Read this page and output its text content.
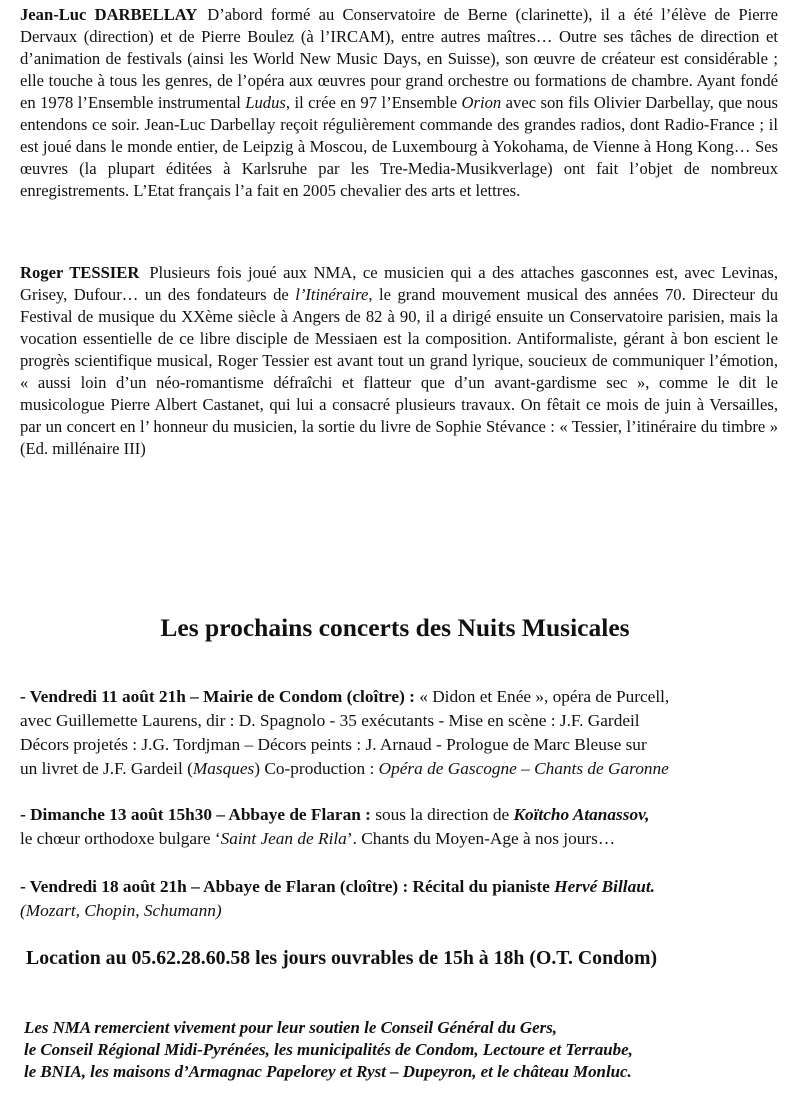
Jean-Luc DARBELLAY D’abord formé au Conservatoire de Berne (clarinette), il a été l’élève de Pierre Dervaux (direction) et de Pierre Boulez (à l’IRCAM), entre autres maîtres… Outre ses tâches de direction et d’animation de festivals (ainsi les World New Music Days, en Suisse), son œuvre de créateur est considérable ; elle touche à tous les genres, de l’opéra aux œuvres pour grand orchestre ou formations de chambre. Ayant fondé en 1978 l’Ensemble instrumental Ludus, il crée en 97 l’Ensemble Orion avec son fils Olivier Darbellay, que nous entendons ce soir. Jean-Luc Darbellay reçoit régulièrement commande des grandes radios, dont Radio-France ; il est joué dans le monde entier, de Leipzig à Moscou, de Luxembourg à Yokohama, de Vienne à Hong Kong… Ses œuvres (la plupart éditées à Karlsruhe par les Tre-Media-Musikverlage) ont fait l’objet de nombreux enregistrements. L’Etat français l’a fait en 2005 chevalier des arts et lettres.
Roger TESSIER Plusieurs fois joué aux NMA, ce musicien qui a des attaches gasconnes est, avec Levinas, Grisey, Dufour… un des fondateurs de l’Itinéraire, le grand mouvement musical des années 70. Directeur du Festival de musique du XXème siècle à Angers de 82 à 90, il a dirigé ensuite un Conservatoire parisien, mais la vocation essentielle de ce libre disciple de Messiaen est la composition. Antiformaliste, gérant à bon escient le progrès scientifique musical, Roger Tessier est avant tout un grand lyrique, soucieux de communiquer l’émotion, « aussi loin d’un néo-romantisme défraîchi et flatteur que d’un avant-gardisme sec », comme le dit le musicologue Pierre Albert Castanet, qui lui a consacré plusieurs travaux. On fêtait ce mois de juin à Versailles, par un concert en l’ honneur du musicien, la sortie du livre de Sophie Stévance : « Tessier, l’itinéraire du timbre » (Ed. millénaire III)
Les prochains concerts des Nuits Musicales
- Vendredi 11 août 21h – Mairie de Condom (cloître) : « Didon et Enée », opéra de Purcell,
avec Guillemette Laurens, dir : D. Spagnolo - 35 exécutants - Mise en scène : J.F. Gardeil
Décors projetés : J.G. Tordjman – Décors peints : J. Arnaud - Prologue de Marc Bleuse sur
un livret de J.F. Gardeil (Masques) Co-production : Opéra de Gascogne – Chants de Garonne
- Dimanche 13 août 15h30 – Abbaye de Flaran : sous la direction de Koïtcho Atanassov,
le chœur orthodoxe bulgare ‘Saint Jean de Rila’. Chants du Moyen-Age à nos jours…
- Vendredi 18 août 21h – Abbaye de Flaran (cloître) : Récital du pianiste Hervé Billaut.
(Mozart, Chopin, Schumann)
Location au 05.62.28.60.58 les jours ouvrables de 15h à 18h (O.T. Condom)
Les NMA remercient vivement pour leur soutien le Conseil Général du Gers,
le Conseil Régional Midi-Pyrénées, les municipalités de Condom, Lectoure et Terraube,
le BNIA, les maisons d’Armagnac Papelorey et Ryst – Dupeyron, et le château Monluc.
